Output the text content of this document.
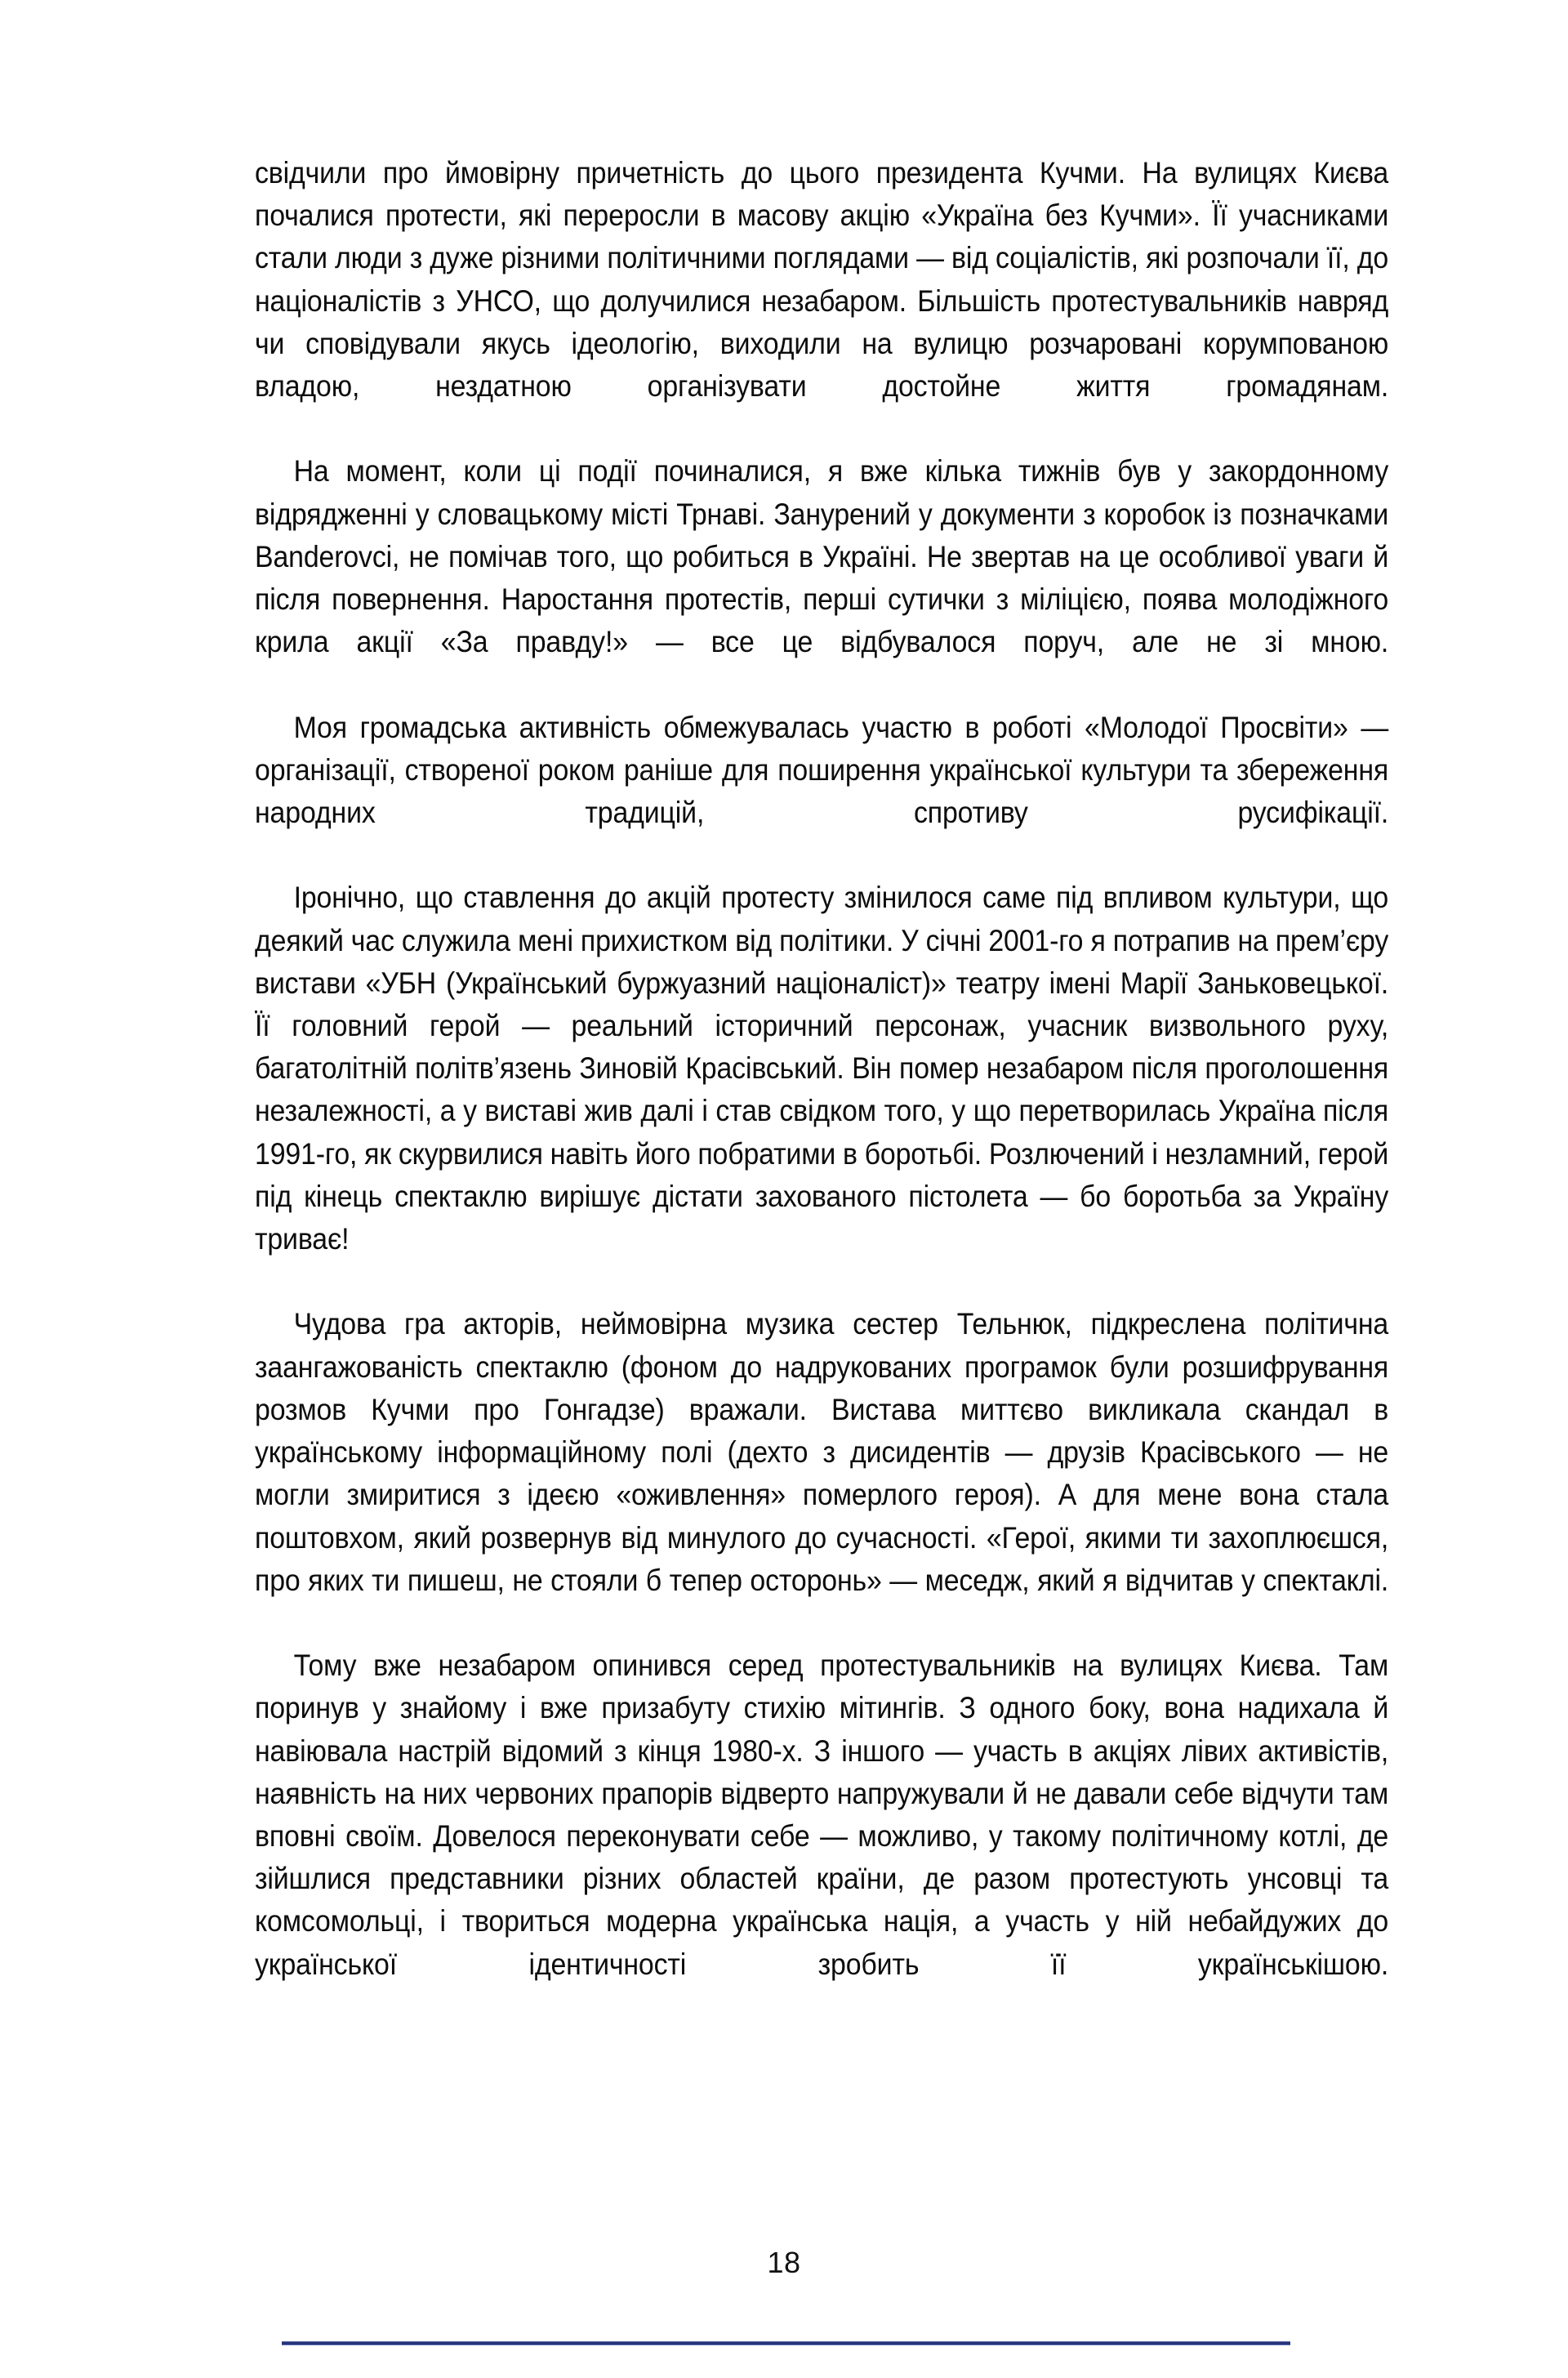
свідчили про ймовірну причетність до цього президента Кучми. На вулицях Києва почалися протести, які переросли в масову акцію «Україна без Кучми». Її учасниками стали люди з дуже різними політичними поглядами — від соціалістів, які розпочали її, до націоналістів з УНСО, що долучилися незабаром. Більшість протестувальників навряд чи сповідували якусь ідеологію, виходили на вулицю розчаровані корумпованою владою, нездатною організувати достойне життя громадянам.

На момент, коли ці події починалися, я вже кілька тижнів був у закордонному відрядженні у словацькому місті Трнаві. Занурений у документи з коробок із позначками Banderovci, не помічав того, що робиться в Україні. Не звертав на це особливої уваги й після повернення. Наростання протестів, перші сутички з міліцією, поява молодіжного крила акції «За правду!» — все це відбувалося поруч, але не зі мною.

Моя громадська активність обмежувалась участю в роботі «Молодої Просвіти» — організації, створеної роком раніше для поширення української культури та збереження народних традицій, спротиву русифікації.

Іронічно, що ставлення до акцій протесту змінилося саме під впливом культури, що деякий час служила мені прихистком від політики. У січні 2001-го я потрапив на прем’єру вистави «УБН (Український буржуазний націоналіст)» театру імені Марії Заньковецької. Її головний герой — реальний історичний персонаж, учасник визвольного руху, багатолітній політв’язень Зиновій Красівський. Він помер незабаром після проголошення незалежності, а у виставі жив далі і став свідком того, у що перетворилась Україна після 1991-го, як скурвилися навіть його побратими в боротьбі. Розлючений і незламний, герой під кінець спектаклю вирішує дістати захованого пістолета — бо боротьба за Україну триває!

Чудова гра акторів, неймовірна музика сестер Тельнюк, підкреслена політична заангажованість спектаклю (фоном до надрукованих програмок були розшифрування розмов Кучми про Гонгадзе) вражали. Вистава миттєво викликала скандал в українському інформаційному полі (дехто з дисидентів — друзів Красівського — не могли змиритися з ідеєю «оживлення» померлого героя). А для мене вона стала поштовхом, який розвернув від минулого до сучасності. «Герої, якими ти захоплюєшся, про яких ти пишеш, не стояли б тепер осторонь» — меседж, який я відчитав у спектаклі.

Тому вже незабаром опинився серед протестувальників на вулицях Києва. Там поринув у знайому і вже призабуту стихію мітингів. З одного боку, вона надихала й навіювала настрій відомий з кінця 1980-х. З іншого — участь в акціях лівих активістів, наявність на них червоних прапорів відверто напружували й не давали себе відчути там вповні своїм. Довелося переконувати себе — можливо, у такому політичному котлі, де зійшлися представники різних областей країни, де разом протестують унсовці та комсомольці, і твориться модерна українська нація, а участь у ній небайдужих до української ідентичності зробить її українськішою.

18
